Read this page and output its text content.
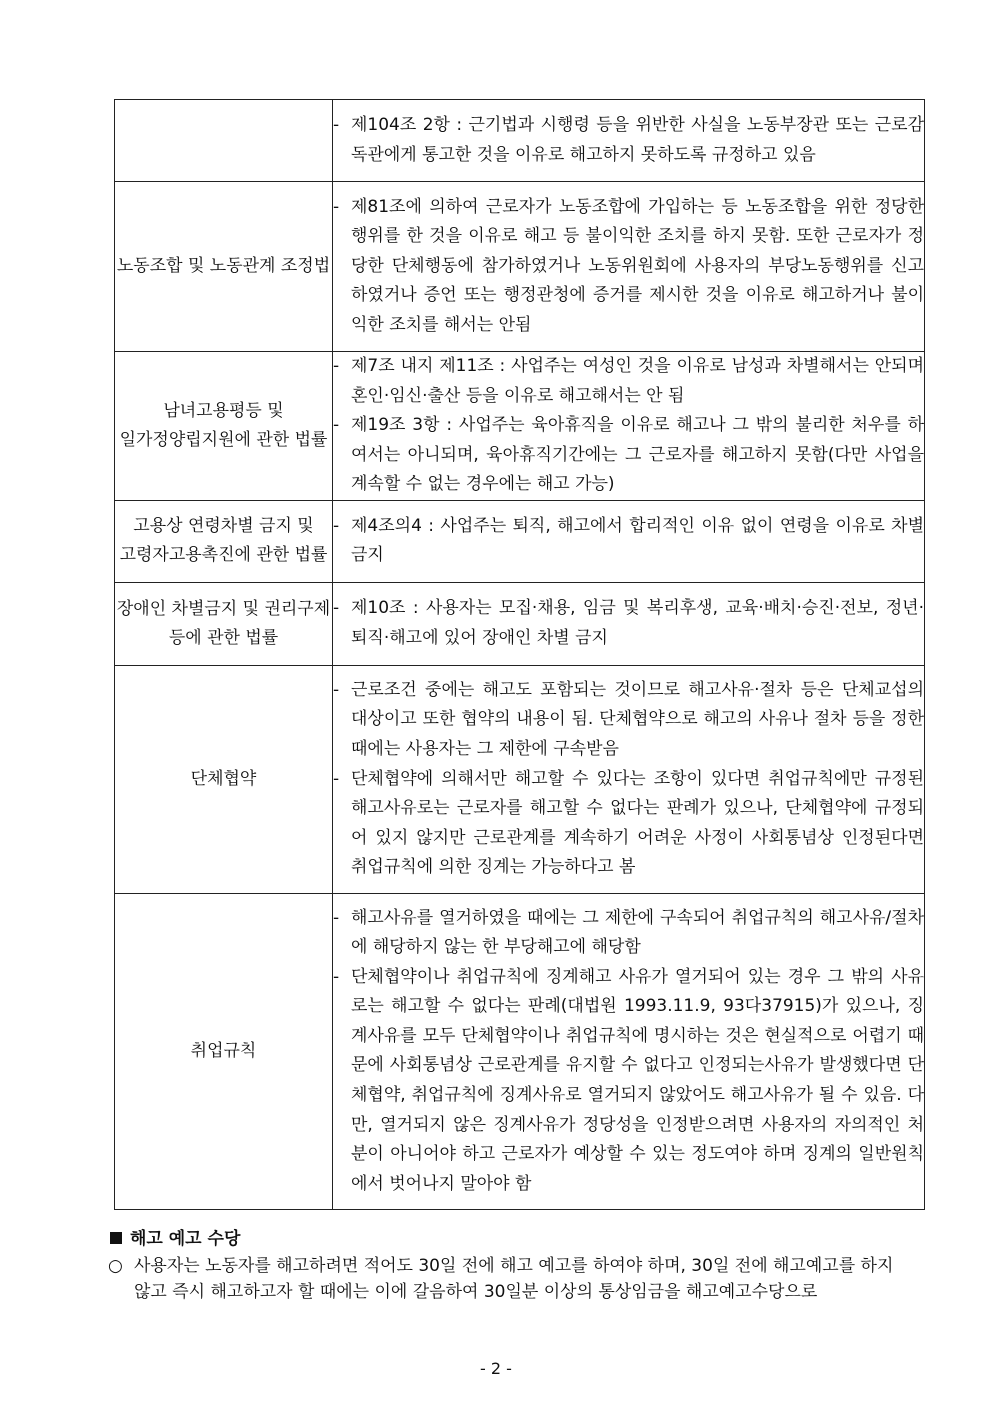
	- 제104조 2항 : 근기법과 시행령 등을 위반한 사실을 노동부장관 또는 근로감독관에게 통고한 것을 이유로 해고하지 못하도록 규정하고 있음

노동조합 및 노동관계 조정법	- 제81조에 의하여 근로자가 노동조합에 가입하는 등 노동조합을 위한 정당한 행위를 한 것을 이유로 해고 등 불이익한 조치를 하지 못함. 또한 근로자가 정당한 단체행동에 참가하였거나 노동위원회에 사용자의 부당노동행위를 신고하였거나 증언 또는 행정관청에 증거를 제시한 것을 이유로 해고하거나 불이익한 조치를 해서는 안됨

남녀고용평등 및 일가정양립지원에 관한 법률	- 제7조 내지 제11조 : 사업주는 여성인 것을 이유로 남성과 차별해서는 안되며 혼인·임신·출산 등을 이유로 해고해서는 안 됨
- 제19조 3항 : 사업주는 육아휴직을 이유로 해고나 그 밖의 불리한 처우를 하여서는 아니되며, 육아휴직기간에는 그 근로자를 해고하지 못함(다만 사업을 계속할 수 없는 경우에는 해고 가능)

고용상 연령차별 금지 및 고령자고용촉진에 관한 법률	- 제4조의4 : 사업주는 퇴직, 해고에서 합리적인 이유 없이 연령을 이유로 차별 금지

장애인 차별금지 및 권리구제 등에 관한 법률	- 제10조 : 사용자는 모집·채용, 임금 및 복리후생, 교육·배치·승진·전보, 정년·퇴직·해고에 있어 장애인 차별 금지

단체협약	- 근로조건 중에는 해고도 포함되는 것이므로 해고사유·절차 등은 단체교섭의 대상이고 또한 협약의 내용이 됨. 단체협약으로 해고의 사유나 절차 등을 정한 때에는 사용자는 그 제한에 구속받음
- 단체협약에 의해서만 해고할 수 있다는 조항이 있다면 취업규칙에만 규정된 해고사유로는 근로자를 해고할 수 없다는 판례가 있으나, 단체협약에 규정되어 있지 않지만 근로관계를 계속하기 어려운 사정이 사회통념상 인정된다면 취업규칙에 의한 징계는 가능하다고 봄

취업규칙	- 해고사유를 열거하였을 때에는 그 제한에 구속되어 취업규칙의 해고사유/절차에 해당하지 않는 한 부당해고에 해당함
- 단체협약이나 취업규칙에 징계해고 사유가 열거되어 있는 경우 그 밖의 사유로는 해고할 수 없다는 판례(대법원 1993.11.9, 93다37915)가 있으나, 징계사유를 모두 단체협약이나 취업규칙에 명시하는 것은 현실적으로 어렵기 때문에 사회통념상 근로관계를 유지할 수 없다고 인정되는사유가 발생했다면 단체협약, 취업규칙에 징계사유로 열거되지 않았어도 해고사유가 될 수 있음. 다만, 열거되지 않은 징계사유가 정당성을 인정받으려면 사용자의 자의적인 처분이 아니어야 하고 근로자가 예상할 수 있는 정도여야 하며 징계의 일반원칙에서 벗어나지 말아야 함
해고 예고 수당
○ 사용자는 노동자를 해고하려면 적어도 30일 전에 해고 예고를 하여야 하며, 30일 전에 해고예고를 하지 않고 즉시 해고하고자 할 때에는 이에 갈음하여 30일분 이상의 통상임금을 해고예고수당으로
- 2 -
